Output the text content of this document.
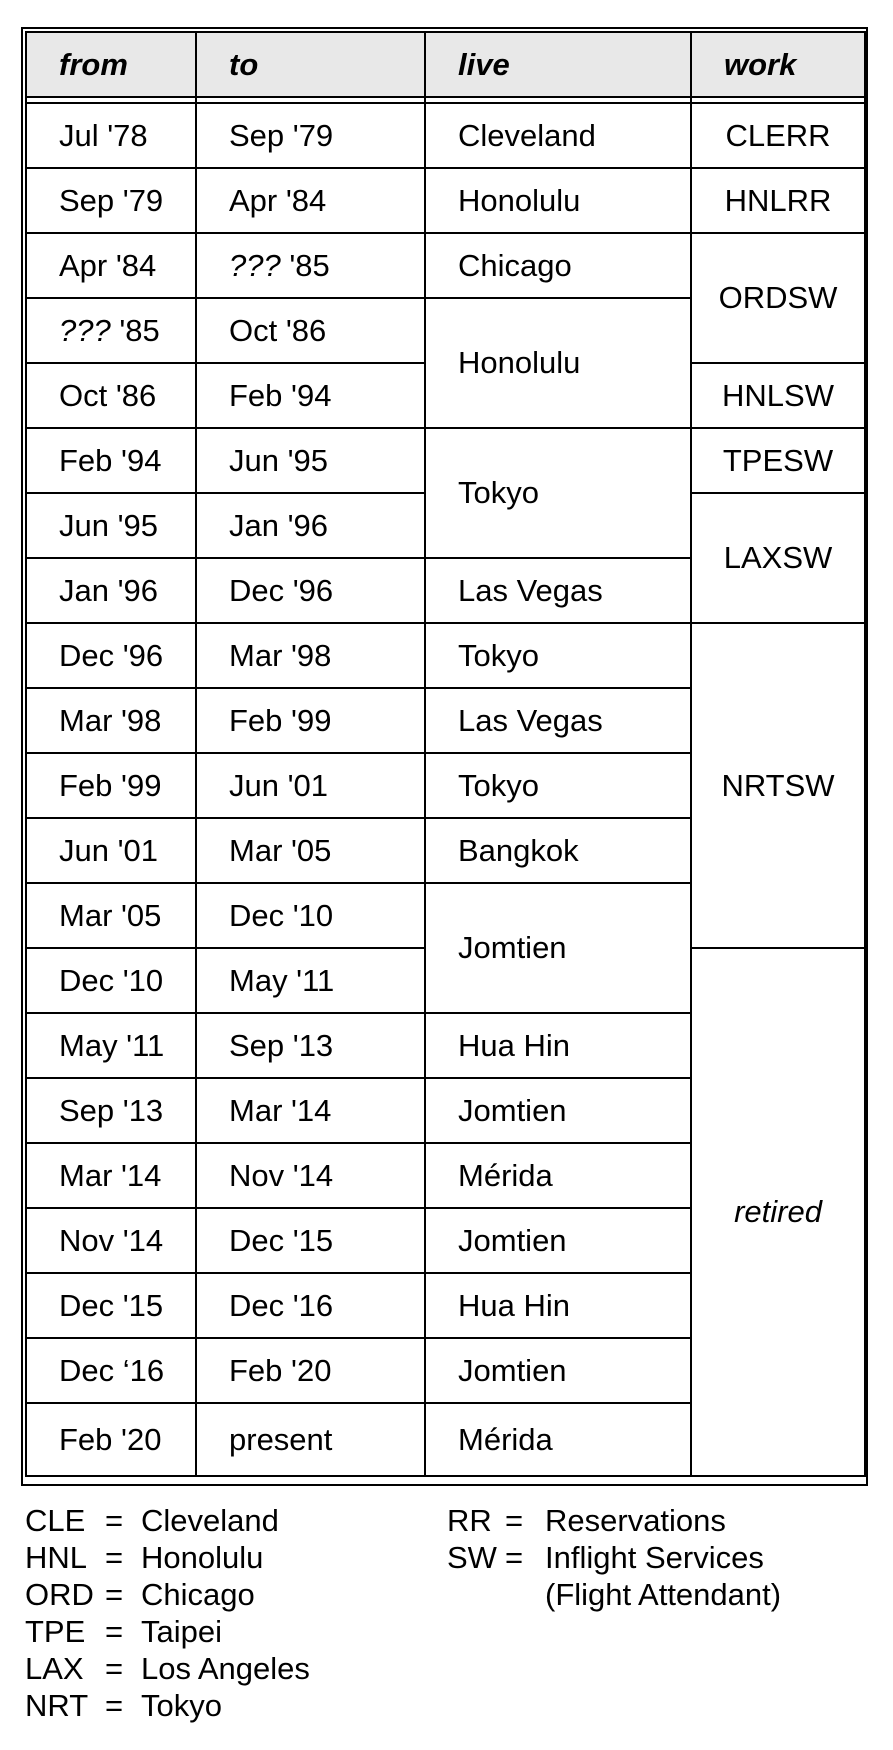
from	to	live	work

Jul '78	Sep '79	Cleveland	CLERR
Sep '79	Apr '84	Honolulu	HNLRR
Apr '84	??? '85	Chicago	ORDSW
??? '85	Oct '86	Honolulu	
Oct '86	Feb '94		HNLSW
Feb '94	Jun '95	Tokyo	TPESW
Jun '95	Jan '96		LAXSW
Jan '96	Dec '96	Las Vegas	
Dec '96	Mar '98	Tokyo	NRTSW
Mar '98	Feb '99	Las Vegas	
Feb '99	Jun '01	Tokyo	
Jun '01	Mar '05	Bangkok	
Mar '05	Dec '10	Jomtien	
Dec '10	May '11		retired
May '11	Sep '13	Hua Hin	
Sep '13	Mar '14	Jomtien	
Mar '14	Nov '14	Mérida	
Nov '14	Dec '15	Jomtien	
Dec '15	Dec '16	Hua Hin	
Dec ‘16	Feb '20	Jomtien	
Feb '20	present	Mérida	
CLE = Cleveland
HNL = Honolulu
ORD = Chicago
TPE = Taipei
LAX = Los Angeles
NRT = Tokyo
RR = Reservations
SW = Inflight Services
(Flight Attendant)
